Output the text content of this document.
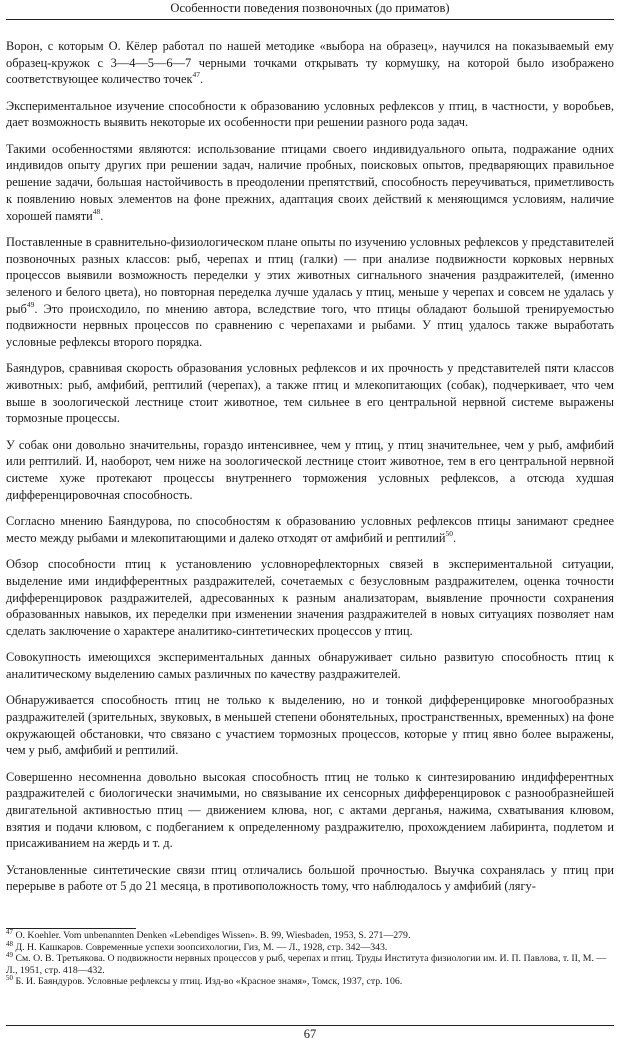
Особенности поведения позвоночных (до приматов)

Ворон, с которым О. Кёлер работал по нашей методике «выбора на образец», научился на показываемый ему образец-кружок с 3—4—5—6—7 черными точками открывать ту кормушку, на которой было изображено соответствующее количество точек$^{47}$.

Экспериментальное изучение способности к образованию условных рефлексов у птиц, в частности, у воробьев, дает возможность выявить некоторые их особенности при решении разного рода задач.

Такими особенностями являются: использование птицами своего индивидуального опыта, подражание одних индивидов опыту других при решении задач, наличие пробных, поисковых опытов, предваряющих правильное решение задачи, большая настойчивость в преодолении препятствий, способность переучиваться, приметливость к появлению новых элементов на фоне прежних, адаптация своих действий к меняющимся условиям, наличие хорошей памяти$^{48}$.

Поставленные в сравнительно-физиологическом плане опыты по изучению условных рефлексов у представителей позвоночных разных классов: рыб, черепах и птиц (галки) — при анализе подвижности корковых нервных процессов выявили возможность переделки у этих животных сигнального значения раздражителей, (именно зеленого и белого цвета), но повторная переделка лучше удалась у птиц, меньше у черепах и совсем не удалась у рыб$^{49}$. Это происходило, по мнению автора, вследствие того, что птицы обладают большой тренируемостью подвижности нервных процессов по сравнению с черепахами и рыбами. У птиц удалось также выработать условные рефлексы второго порядка.

Баяндуров, сравнивая скорость образования условных рефлексов и их прочность у представителей пяти классов животных: рыб, амфибий, рептилий (черепах), а также птиц и млекопитающих (собак), подчеркивает, что чем выше в зоологической лестнице стоит животное, тем сильнее в его центральной нервной системе выражены тормозные процессы.

У собак они довольно значительны, гораздо интенсивнее, чем у птиц, у птиц значительнее, чем у рыб, амфибий или рептилий. И, наоборот, чем ниже на зоологической лестнице стоит животное, тем в его центральной нервной системе хуже протекают процессы внутреннего торможения условных рефлексов, а отсюда худшая дифференцировочная способность.

Согласно мнению Баяндурова, по способностям к образованию условных рефлексов птицы занимают среднее место между рыбами и млекопитающими и далеко отходят от амфибий и рептилий$^{50}$.

Обзор способности птиц к установлению условнорефлекторных связей в экспериментальной ситуации, выделение ими индифферентных раздражителей, сочетаемых с безусловным раздражителем, оценка точности дифференцировок раздражителей, адресованных к разным анализаторам, выявление прочности сохранения образованных навыков, их переделки при изменении значения раздражителей в новых ситуациях позволяет нам сделать заключение о характере аналитико-синтетических процессов у птиц.

Совокупность имеющихся экспериментальных данных обнаруживает сильно развитую способность птиц к аналитическому выделению самых различных по качеству раздражителей.

Обнаруживается способность птиц не только к выделению, но и тонкой дифференцировке многообразных раздражителей (зрительных, звуковых, в меньшей степени обонятельных, пространственных, временных) на фоне окружающей обстановки, что связано с участием тормозных процессов, которые у птиц явно более выражены, чем у рыб, амфибий и рептилий.

Совершенно несомненна довольно высокая способность птиц не только к синтезированию индифферентных раздражителей с биологически значимыми, но связывание их сенсорных дифференцировок с разнообразнейшей двигательной активностью птиц — движением клюва, ног, с актами дерганья, нажима, схватывания клювом, взятия и подачи клювом, с подбеганием к определенному раздражителю, прохождением лабиринта, подлетом и присаживанием на жердь и т. д.

Установленные синтетические связи птиц отличались большой прочностью. Выучка сохранялась у птиц при перерыве в работе от 5 до 21 месяца, в противоположность тому, что наблюдалось у амфибий (лягу-

$^{47}$ O. Koehler. Vom unbenannten Denken «Lebendiges Wissen». B. 99, Wiesbaden, 1953, S. 271—279.

$^{48}$ Д. Н. Кашкаров. Современные успехи зоопсихологии, Гиз, М. — Л., 1928, стр. 342—343.

$^{49}$ См. О. В. Третьякова. О подвижности нервных процессов у рыб, черепах и птиц. Труды Института физиологии им. И. П. Павлова, т. II, М. — Л., 1951, стр. 418—432.

$^{50}$ Б. И. Баяндуров. Условные рефлексы у птиц. Изд-во «Красное знамя», Томск, 1937, стр. 106.

67
